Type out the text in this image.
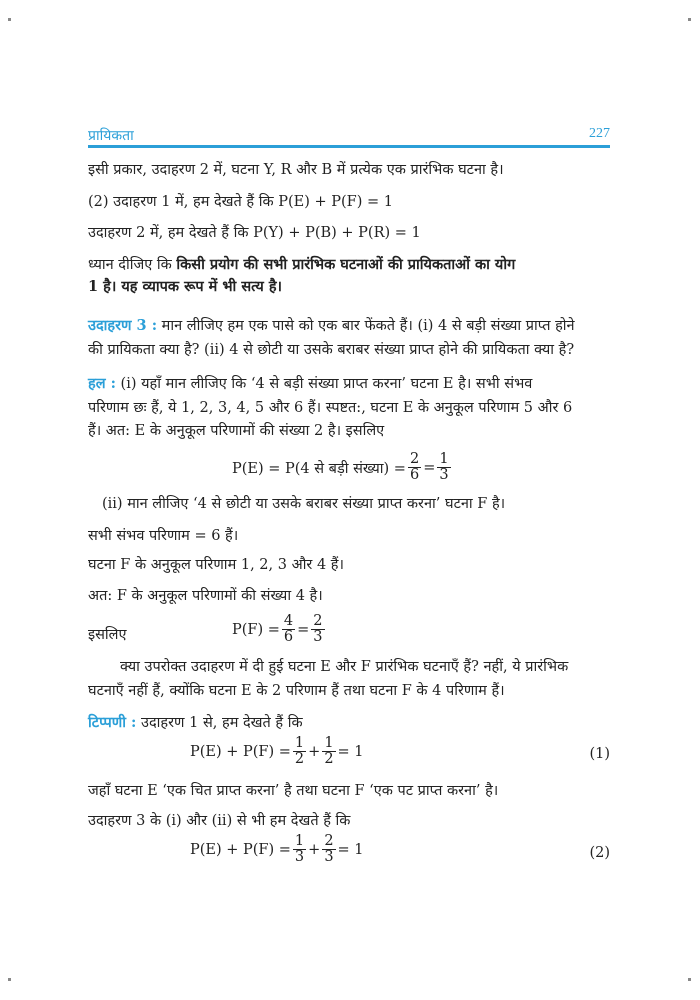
प्रायिकता	227
इसी प्रकार, उदाहरण 2 में, घटना Y, R और B में प्रत्येक एक प्रारंभिक घटना है।
(2) उदाहरण 1 में, हम देखते हैं कि P(E) + P(F) = 1
उदाहरण 2 में, हम देखते हैं कि P(Y) + P(B) + P(R) = 1
ध्यान दीजिए कि किसी प्रयोग की सभी प्रारंभिक घटनाओं की प्रायिकताओं का योग
1 है। यह व्यापक रूप में भी सत्य है।
उदाहरण 3 : मान लीजिए हम एक पासे को एक बार फेंकते हैं। (i) 4 से बड़ी संख्या प्राप्त होने
की प्रायिकता क्या है? (ii) 4 से छोटी या उसके बराबर संख्या प्राप्त होने की प्रायिकता क्या है?
हल : (i) यहाँ मान लीजिए कि ‘4 से बड़ी संख्या प्राप्त करना’ घटना E है। सभी संभव
परिणाम छः हैं, ये 1, 2, 3, 4, 5 और 6 हैं। स्पष्टत:, घटना E के अनुकूल परिणाम 5 और 6
हैं। अत: E के अनुकूल परिणामों की संख्या 2 है। इसलिए
P(E) = P(4 से बड़ी संख्या) = $\frac{2}{6} = \frac{1}{3}$
(ii) मान लीजिए ‘4 से छोटी या उसके बराबर संख्या प्राप्त करना’ घटना F है।
सभी संभव परिणाम = 6 हैं।
घटना F के अनुकूल परिणाम 1, 2, 3 और 4 हैं।
अत: F के अनुकूल परिणामों की संख्या 4 है।
इसलिए	$P(F) = \frac{4}{6} = \frac{2}{3}$
क्या उपरोक्त उदाहरण में दी हुई घटना E और F प्रारंभिक घटनाएँ हैं? नहीं, ये प्रारंभिक
घटनाएँ नहीं हैं, क्योंकि घटना E के 2 परिणाम हैं तथा घटना F के 4 परिणाम हैं।
टिप्पणी : उदाहरण 1 से, हम देखते हैं कि
$P(E) + P(F) = \frac{1}{2} + \frac{1}{2} = 1$	(1)
जहाँ घटना E ‘एक चित प्राप्त करना’ है तथा घटना F ‘एक पट प्राप्त करना’ है।
उदाहरण 3 के (i) और (ii) से भी हम देखते हैं कि
$P(E) + P(F) = \frac{1}{3} + \frac{2}{3} = 1$	(2)
